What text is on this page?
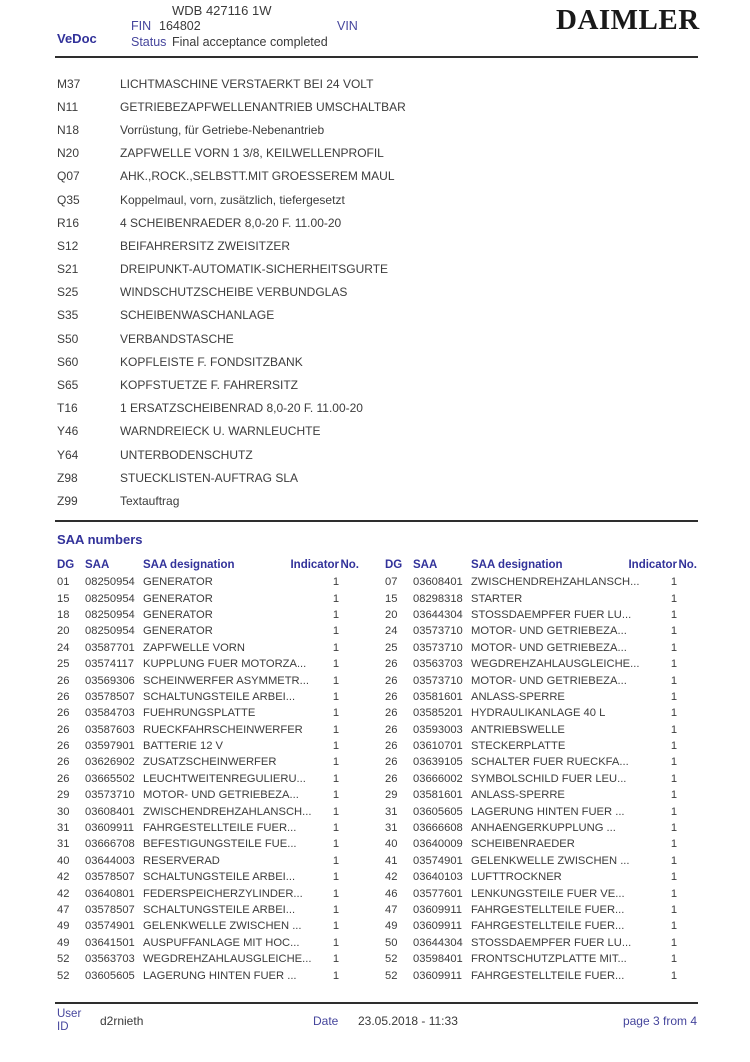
VeDoc
WDB 427116 1W
FIN 164802	VIN
Status Final acceptance completed
DAIMLER
M37	LICHTMASCHINE VERSTAERKT BEI 24 VOLT
N11	GETRIEBEZAPFWELLENANTRIEB UMSCHALTBAR
N18	Vorrüstung, für Getriebe-Nebenantrieb
N20	ZAPFWELLE VORN 1 3/8, KEILWELLENPROFIL
Q07	AHK.,ROCK.,SELBSTT.MIT GROESSEREM MAUL
Q35	Koppelmaul, vorn, zusätzlich, tiefergesetzt
R16	4 SCHEIBENRAEDER 8,0-20 F. 11.00-20
S12	BEIFAHRERSITZ ZWEISITZER
S21	DREIPUNKT-AUTOMATIK-SICHERHEITSGURTE
S25	WINDSCHUTZSCHEIBE VERBUNDGLAS
S35	SCHEIBENWASCHANLAGE
S50	VERBANDSTASCHE
S60	KOPFLEISTE F. FONDSITZBANK
S65	KOPFSTUETZE F. FAHRERSITZ
T16	1 ERSATZSCHEIBENRAD 8,0-20 F. 11.00-20
Y46	WARNDREIECK U. WARNLEUCHTE
Y64	UNTERBODENSCHUTZ
Z98	STUECKLISTEN-AUFTRAG SLA
Z99	Textauftrag
SAA numbers
DG SAA	SAA designation	Indicator No.
01	08250954 GENERATOR	1
15	08250954 GENERATOR	1
18	08250954 GENERATOR	1
20	08250954 GENERATOR	1
24	03587701 ZAPFWELLE VORN	1
25	03574117 KUPPLUNG FUER MOTORZA...	1
26	03569306 SCHEINWERFER ASYMMETR...	1
26	03578507 SCHALTUNGSTEILE ARBEI...	1
26	03584703 FUEHRUNGSPLATTE	1
26	03587603 RUECKFAHRSCHEINWERFER	1
26	03597901 BATTERIE 12 V	1
26	03626902 ZUSATZSCHEINWERFER	1
26	03665502 LEUCHTWEITENREGULIERU...	1
29	03573710 MOTOR- UND GETRIEBEZA...	1
30	03608401 ZWISCHENDREHZAHLANSCH...	1
31	03609911 FAHRGESTELLTEILE FUER...	1
31	03666708 BEFESTIGUNGSTEILE FUE...	1
40	03644003 RESERVERAD	1
42	03578507 SCHALTUNGSTEILE ARBEI...	1
42	03640801 FEDERSPEICHERZYLINDER...	1
47	03578507 SCHALTUNGSTEILE ARBEI...	1
49	03574901 GELENKWELLE ZWISCHEN ...	1
49	03641501 AUSPUFFANLAGE MIT HOC...	1
52	03563703 WEGDREHZAHLAUSGLEICHE...	1
52	03605605 LAGERUNG HINTEN FUER ...	1
DG SAA	SAA designation	Indicator No.
07	03608401 ZWISCHENDREHZAHLANSCH...	1
15	08298318 STARTER	1
20	03644304 STOSSDAEMPFER FUER LU...	1
24	03573710 MOTOR- UND GETRIEBEZA...	1
25	03573710 MOTOR- UND GETRIEBEZA...	1
26	03563703 WEGDREHZAHLAUSGLEICHE...	1
26	03573710 MOTOR- UND GETRIEBEZA...	1
26	03581601 ANLASS-SPERRE	1
26	03585201 HYDRAULIKANLAGE 40 L	1
26	03593003 ANTRIEBSWELLE	1
26	03610701 STECKERPLATTE	1
26	03639105 SCHALTER FUER RUECKFA...	1
26	03666002 SYMBOLSCHILD FUER LEU...	1
29	03581601 ANLASS-SPERRE	1
31	03605605 LAGERUNG HINTEN FUER ...	1
31	03666608 ANHAENGERKUPPLUNG ...	1
40	03640009 SCHEIBENRAEDER	1
41	03574901 GELENKWELLE ZWISCHEN ...	1
42	03640103 LUFTTROCKNER	1
46	03577601 LENKUNGSTEILE FUER VE...	1
47	03609911 FAHRGESTELLTEILE FUER...	1
49	03609911 FAHRGESTELLTEILE FUER...	1
50	03644304 STOSSDAEMPFER FUER LU...	1
52	03598401 FRONTSCHUTZPLATTE MIT...	1
52	03609911 FAHRGESTELLTEILE FUER...	1
User ID	d2rnieth	Date 23.05.2018 - 11:33	page 3 from 4
